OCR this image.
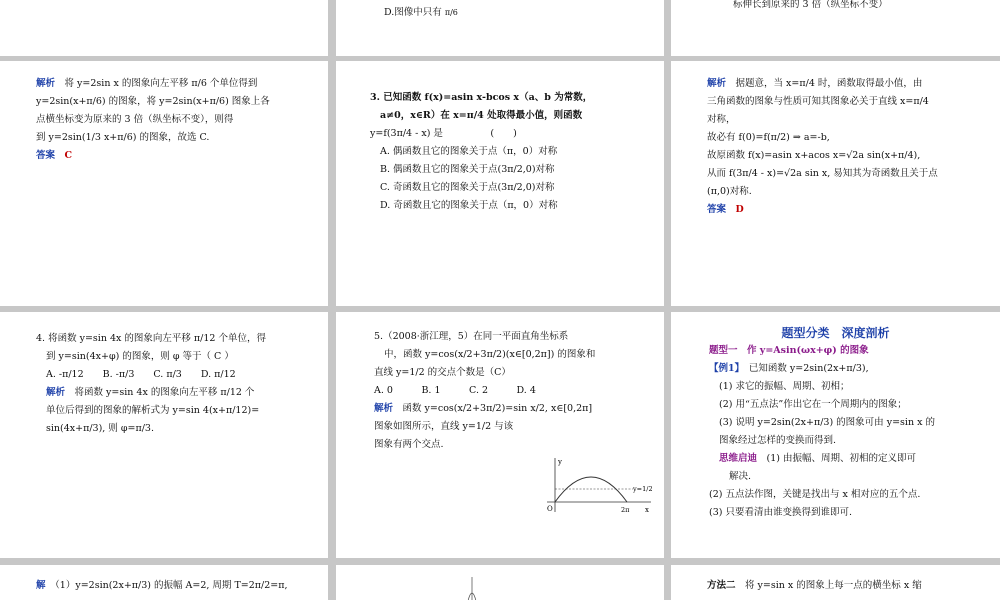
D.图像中只有 π/6
标伸长到原来的 3 倍（纵坐标不变）
解析　 将 y=2sin x 的图象向左平移 π/6 个单位得到
y=2sin(x+π/6) 的图象，将 y=2sin(x+π/6) 图象上各
点横坐标变为原来的 3 倍（纵坐标不变），则得
到 y=2sin(1/3 x+π/6) 的图象，故选 C.
答案　 C
3. 已知函数 f(x)=asin x-bcos x（a、b 为常数，
a≠0，x∈R）在 x=π/4 处取得最小值，则函数
y=f(3π/4 - x) 是　　　　　(　　)
A. 偶函数且它的图象关于点（π，0）对称
B. 偶函数且它的图象关于点(3π/2,0)对称
C. 奇函数且它的图象关于点(3π/2,0)对称
D. 奇函数且它的图象关于点（π，0）对称
解析　 据题意，当 x=π/4 时，函数取得最小值，由
三角函数的图象与性质可知其图象必关于直线 x=π/4
对称，
故必有 f(0)=f(π/2) ⇒ a=-b,
故原函数 f(x)=asin x+acos x=√2a sin(x+π/4),
从而 f(3π/4 - x)=√2a sin x, 易知其为奇函数且关于点
(π,0)对称.
答案　 D
4. 将函数 y=sin 4x 的图象向左平移 π/12 个单位，得
到 y=sin(4x+φ) 的图象，则 φ 等于（ C ）
A. -π/12　　B. -π/3　　C. π/3　　D. π/12
解析　 将函数 y=sin 4x 的图象向左平移 π/12 个
单位后得到的图象的解析式为 y=sin 4(x+π/12)=
sin(4x+π/3), 则 φ=π/3.
5.（2008·浙江理，5）在同一平面直角坐标系
中，函数 y=cos(x/2+3π/2)(x∈[0,2π]) 的图象和
直线 y=1/2 的交点个数是（C）
A. 0　　　B. 1　　　C. 2　　　D. 4
解析　 函数 y=cos(x/2+3π/2)=sin x/2, x∈[0,2π]
图象如图所示，直线 y=1/2 与该
图象有两个交点.
y
x
O	2π
y=1/2
题型分类　深度剖析
题型一　作 y=Asin(ωx+φ) 的图象
【例1】　 已知函数 y=2sin(2x+π/3),
(1) 求它的振幅、周期、初相；
(2) 用“五点法”作出它在一个周期内的图象；
(3) 说明 y=2sin(2x+π/3) 的图象可由 y=sin x 的
图象经过怎样的变换而得到.
思维启迪　 (1) 由振幅、周期、初相的定义即可
解决.
(2) 五点法作图，关键是找出与 x 相对应的五个点.
(3) 只要看清由谁变换得到谁即可.
解　 （1）y=2sin(2x+π/3) 的振幅 A=2, 周期 T=2π/2=π,	方法二　 将 y=sin x 的图象上每一点的横坐标 x 缩
